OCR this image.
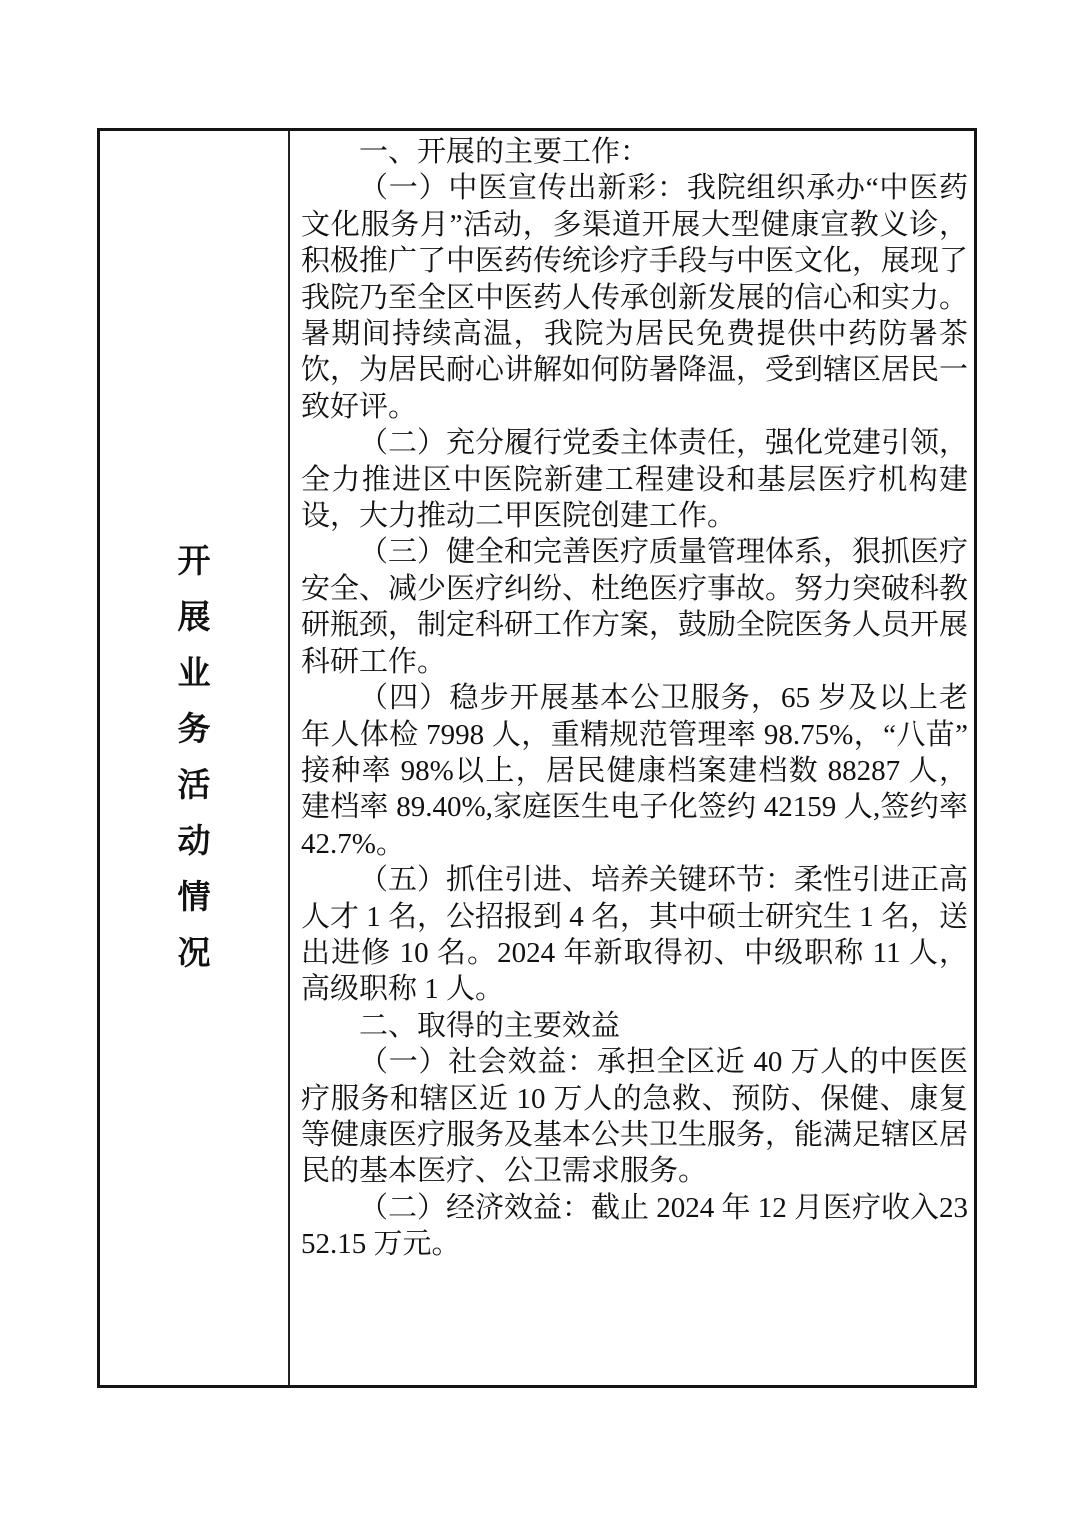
开
展
业
务
活
动
情
况

一、开展的主要工作：

（一）中医宣传出新彩：我院组织承办“中医药文化服务月”活动，多渠道开展大型健康宣教义诊，积极推广了中医药传统诊疗手段与中医文化，展现了我院乃至全区中医药人传承创新发展的信心和实力。暑期间持续高温，我院为居民免费提供中药防暑茶饮，为居民耐心讲解如何防暑降温，受到辖区居民一致好评。

（二）充分履行党委主体责任，强化党建引领，全力推进区中医院新建工程建设和基层医疗机构建设，大力推动二甲医院创建工作。

（三）健全和完善医疗质量管理体系，狠抓医疗安全、减少医疗纠纷、杜绝医疗事故。努力突破科教研瓶颈，制定科研工作方案，鼓励全院医务人员开展科研工作。

（四）稳步开展基本公卫服务，65 岁及以上老年人体检 7998 人，重精规范管理率 98.75%，“八苗”接种率 98%以上，居民健康档案建档数 88287 人，建档率 89.40%,家庭医生电子化签约 42159 人,签约率 42.7%。

（五）抓住引进、培养关键环节：柔性引进正高人才 1 名，公招报到 4 名，其中硕士研究生 1 名，送出进修 10 名。2024 年新取得初、中级职称 11 人，高级职称 1 人。

二、取得的主要效益

（一）社会效益：承担全区近 40 万人的中医医疗服务和辖区近 10 万人的急救、预防、保健、康复等健康医疗服务及基本公共卫生服务，能满足辖区居民的基本医疗、公卫需求服务。

（二）经济效益：截止 2024 年 12 月医疗收入2352.15 万元。
